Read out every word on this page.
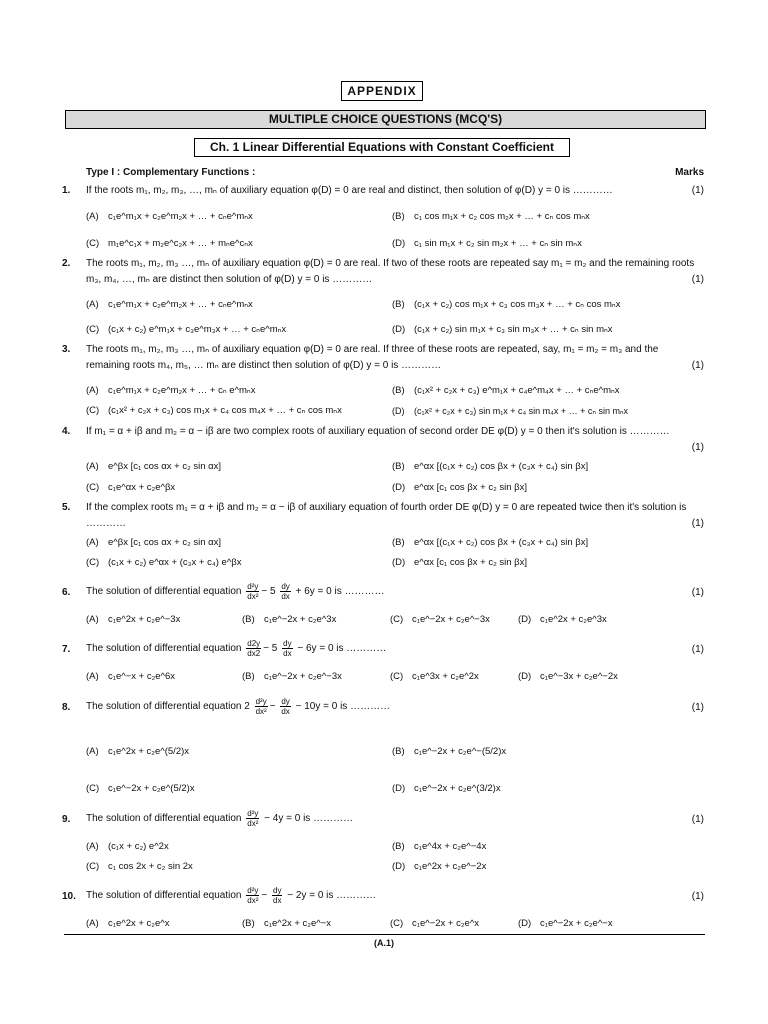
APPENDIX
MULTIPLE CHOICE QUESTIONS (MCQ'S)
Ch. 1 Linear Differential Equations with Constant Coefficient
Type I : Complementary Functions :	Marks
1. If the roots m₁, m₂, m₃, …, mₙ of auxiliary equation φ(D) = 0 are real and distinct, then solution of φ(D) y = 0 is …………	(1)
(A) c₁e^m₁x + c₂e^m₂x + … + cₙe^mₙx	(B) c₁ cos m₁x + c₂ cos m₂x + … + cₙ cos mₙx
(C) m₁e^c₁x + m₂e^c₂x + … + mₙe^cₙx	(D) c₁ sin m₁x + c₂ sin m₂x + … + cₙ sin mₙx
2. The roots m₁, m₂, m₃ …, mₙ of auxiliary equation φ(D) = 0 are real. If two of these roots are repeated say m₁ = m₂ and the remaining roots m₃, m₄, …, mₙ are distinct then solution of φ(D) y = 0 is …………	(1)
(A) c₁e^m₁x + c₂e^m₂x + … + cₙe^mₙx	(B) (c₁x + c₂) cos m₁x + c₃ cos m₃x + … + cₙ cos mₙx
(C) (c₁x + c₂) e^m₁x + c₃e^m₃x + … + cₙe^mₙx	(D) (c₁x + c₂) sin m₁x + c₃ sin m₃x + … + cₙ sin mₙx
3. The roots m₁, m₂, m₃ …, mₙ of auxiliary equation φ(D) = 0 are real. If three of these roots are repeated, say, m₁ = m₂ = m₃ and the remaining roots m₄, m₅, … mₙ are distinct then solution of φ(D) y = 0 is …………	(1)
(A) c₁e^m₁x + c₂e^m₂x + … + cₙ e^mₙx	(B) (c₁x² + c₂x + c₃) e^m₁x + c₄e^m₄x + … + cₙe^mₙx
(C) (c₁x² + c₂x + c₃) cos m₁x + c₄ cos m₄x + … + cₙ cos mₙx	(D) (c₁x² + c₂x + c₃) sin m₁x + c₄ sin m₄x + … + cₙ sin mₙx
4. If m₁ = α + iβ and m₂ = α − iβ are two complex roots of auxiliary equation of second order DE φ(D) y = 0 then it's solution is …………
(1)
(A) e^βx [c₁ cos αx + c₂ sin αx]	(B) e^αx [(c₁x + c₂) cos βx + (c₃x + c₄) sin βx]
(C) c₁e^αx + c₂e^βx	(D) e^αx [c₁ cos βx + c₂ sin βx]
5. If the complex roots m₁ = α + iβ and m₂ = α − iβ of auxiliary equation of fourth order DE φ(D) y = 0 are repeated twice then it's solution is …………	(1)
(A) e^βx [c₁ cos αx + c₂ sin αx]	(B) e^αx [(c₁x + c₂) cos βx + (c₃x + c₄) sin βx]
(C) (c₁x + c₂) e^αx + (c₃x + c₄) e^βx	(D) e^αx [c₁ cos βx + c₂ sin βx]
6. The solution of differential equation $\frac{\text{d²y}}{\text{dx²}} - 5 \frac{dy}{dx} + 6y = 0$ is …………	(1)
(A) c₁e^2x + c₂e^−3x	(B) c₁e^−2x + c₂e^3x	(C) c₁e^−2x + c₂e^−3x	(D) c₁e^2x + c₂e^3x
7. The solution of differential equation $\frac{d2y}{dx2} - 5 \frac{dy}{dx} - 6y = 0$ is …………	(1)
(A) c₁e^−x + c₂e^6x	(B) c₁e^−2x + c₂e^−3x	(C) c₁e^3x + c₂e^2x	(D) c₁e^−3x + c₂e^−2x
8. The solution of differential equation $2 \frac{\text{d²y}}{\text{dx²}} - \frac{dy}{dx} - 10y = 0$ is …………	(1)
(A) c₁e^2x + c₂e^(5/2)x	(B) c₁e^−2x + c₂e^−(5/2)x
(C) c₁e^−2x + c₂e^(5/2)x	(D) c₁e^−2x + c₂e^(3/2)x
9. The solution of differential equation $\frac{\text{d²y}}{\text{dx²}} - 4y = 0$ is …………	(1)
(A) (c₁x + c₂) e^2x	(B) c₁e^4x + c₂e^−4x
(C) c₁ cos 2x + c₂ sin 2x	(D) c₁e^2x + c₂e^−2x
10. The solution of differential equation $\frac{\text{d²y}}{\text{dx²}} - \frac{dy}{dx} - 2y = 0$ is …………	(1)
(A) c₁e^2x + c₂e^x	(B) c₁e^2x + c₂e^−x	(C) c₁e^−2x + c₂e^x	(D) c₁e^−2x + c₂e^−x
(A.1)
